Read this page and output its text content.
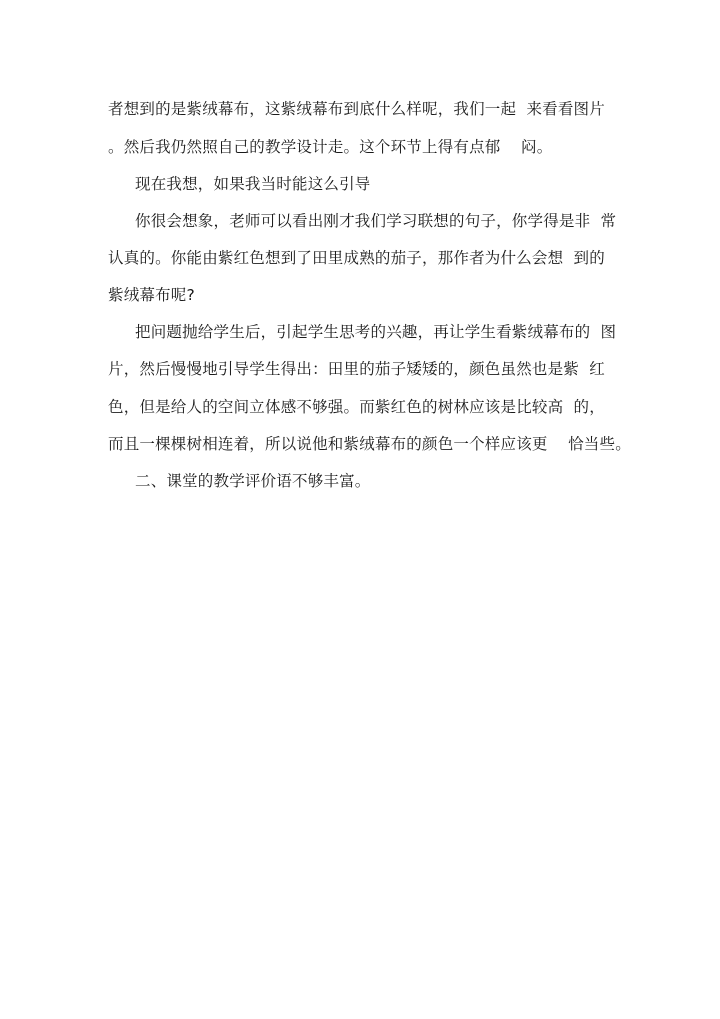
者想到的是紫绒幕布，这紫绒幕布到底什么样呢，我们一起  来看看图片
。然后我仍然照自己的教学设计走。这个环节上得有点郁    闷。
现在我想，如果我当时能这么引导
你很会想象，老师可以看出刚才我们学习联想的句子，你学得是非  常
认真的。你能由紫红色想到了田里成熟的茄子，那作者为什么会想  到的
紫绒幕布呢?
把问题抛给学生后，引起学生思考的兴趣，再让学生看紫绒幕布的  图
片，然后慢慢地引导学生得出：田里的茄子矮矮的，颜色虽然也是紫  红
色，但是给人的空间立体感不够强。而紫红色的树林应该是比较高  的，
而且一棵棵树相连着，所以说他和紫绒幕布的颜色一个样应该更    恰当些。
二、课堂的教学评价语不够丰富。
